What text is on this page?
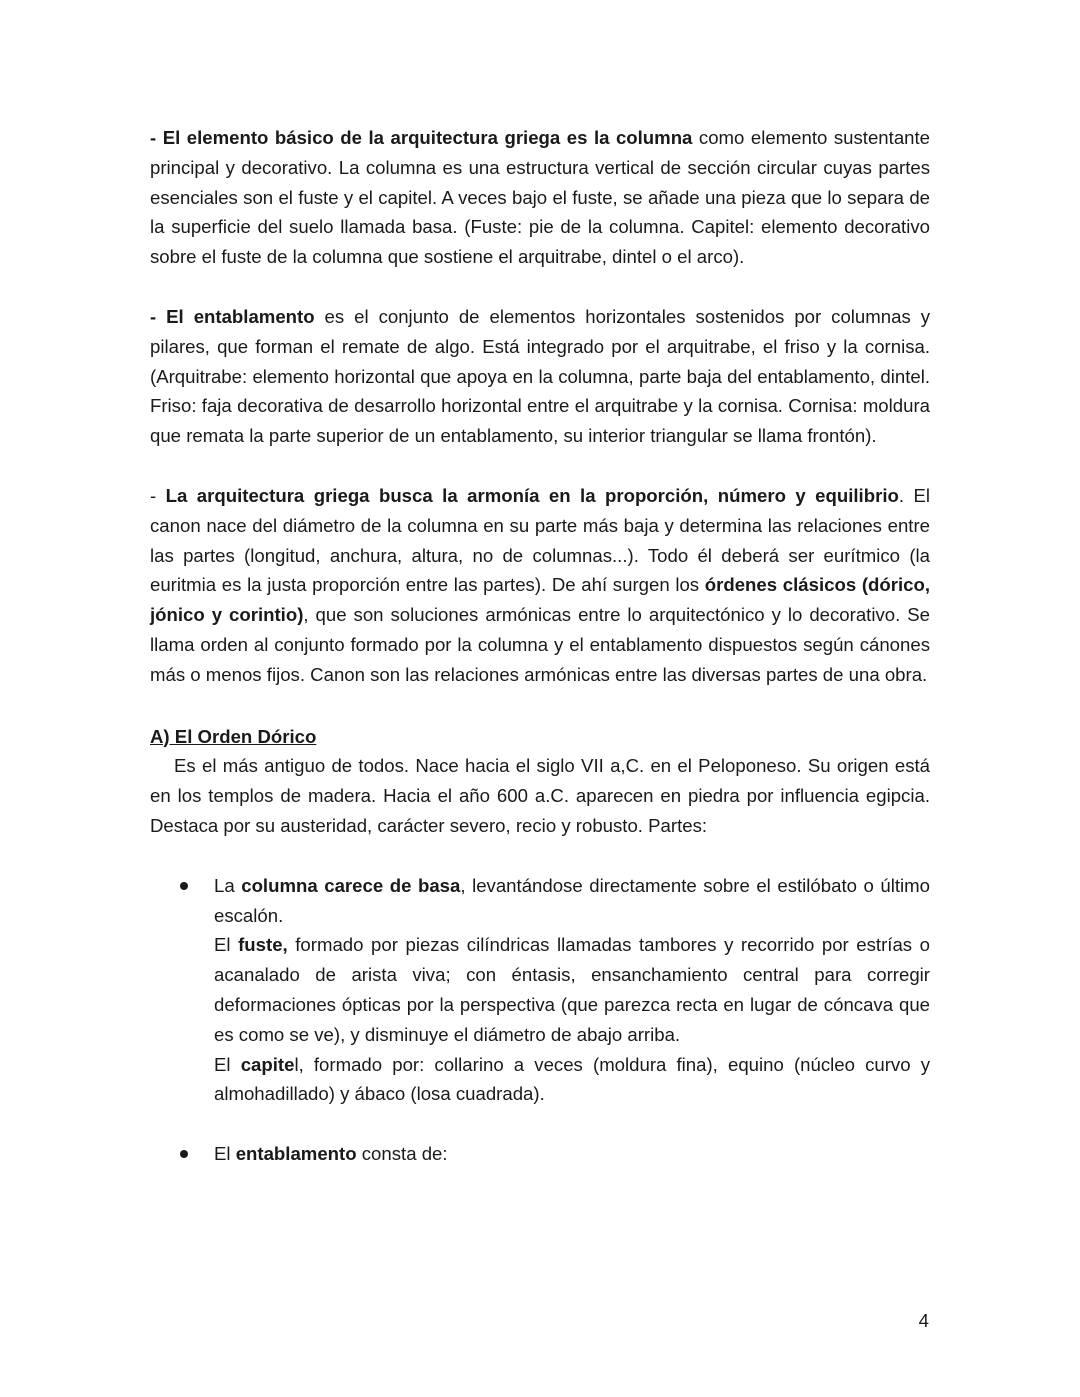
- El elemento básico de la arquitectura griega es la columna como elemento sustentante principal y decorativo. La columna es una estructura vertical de sección circular cuyas partes esenciales son el fuste y el capitel. A veces bajo el fuste, se añade una pieza que lo separa de la superficie del suelo llamada basa. (Fuste: pie de la columna. Capitel: elemento decorativo sobre el fuste de la columna que sostiene el arquitrabe, dintel o el arco).

- El entablamento es el conjunto de elementos horizontales sostenidos por columnas y pilares, que forman el remate de algo. Está integrado por el arquitrabe, el friso y la cornisa. (Arquitrabe: elemento horizontal que apoya en la columna, parte baja del entablamento, dintel. Friso: faja decorativa de desarrollo horizontal entre el arquitrabe y la cornisa. Cornisa: moldura que remata la parte superior de un entablamento, su interior triangular se llama frontón).

- La arquitectura griega busca la armonía en la proporción, número y equilibrio. El canon nace del diámetro de la columna en su parte más baja y determina las relaciones entre las partes (longitud, anchura, altura, no de columnas...). Todo él deberá ser eurítmico (la euritmia es la justa proporción entre las partes). De ahí surgen los órdenes clásicos (dórico, jónico y corintio), que son soluciones armónicas entre lo arquitectónico y lo decorativo. Se llama orden al conjunto formado por la columna y el entablamento dispuestos según cánones más o menos fijos. Canon son las relaciones armónicas entre las diversas partes de una obra.

A) El Orden Dórico

Es el más antiguo de todos. Nace hacia el siglo VII a,C. en el Peloponeso. Su origen está en los templos de madera. Hacia el año 600 a.C. aparecen en piedra por influencia egipcia. Destaca por su austeridad, carácter severo, recio y robusto. Partes:

La columna carece de basa, levantándose directamente sobre el estilóbato o último escalón.

El fuste, formado por piezas cilíndricas llamadas tambores y recorrido por estrías o acanalado de arista viva; con éntasis, ensanchamiento central para corregir deformaciones ópticas por la perspectiva (que parezca recta en lugar de cóncava que es como se ve), y disminuye el diámetro de abajo arriba.

El capitel, formado por: collarino a veces (moldura fina), equino (núcleo curvo y almohadillado) y ábaco (losa cuadrada).

El entablamento consta de:

4
